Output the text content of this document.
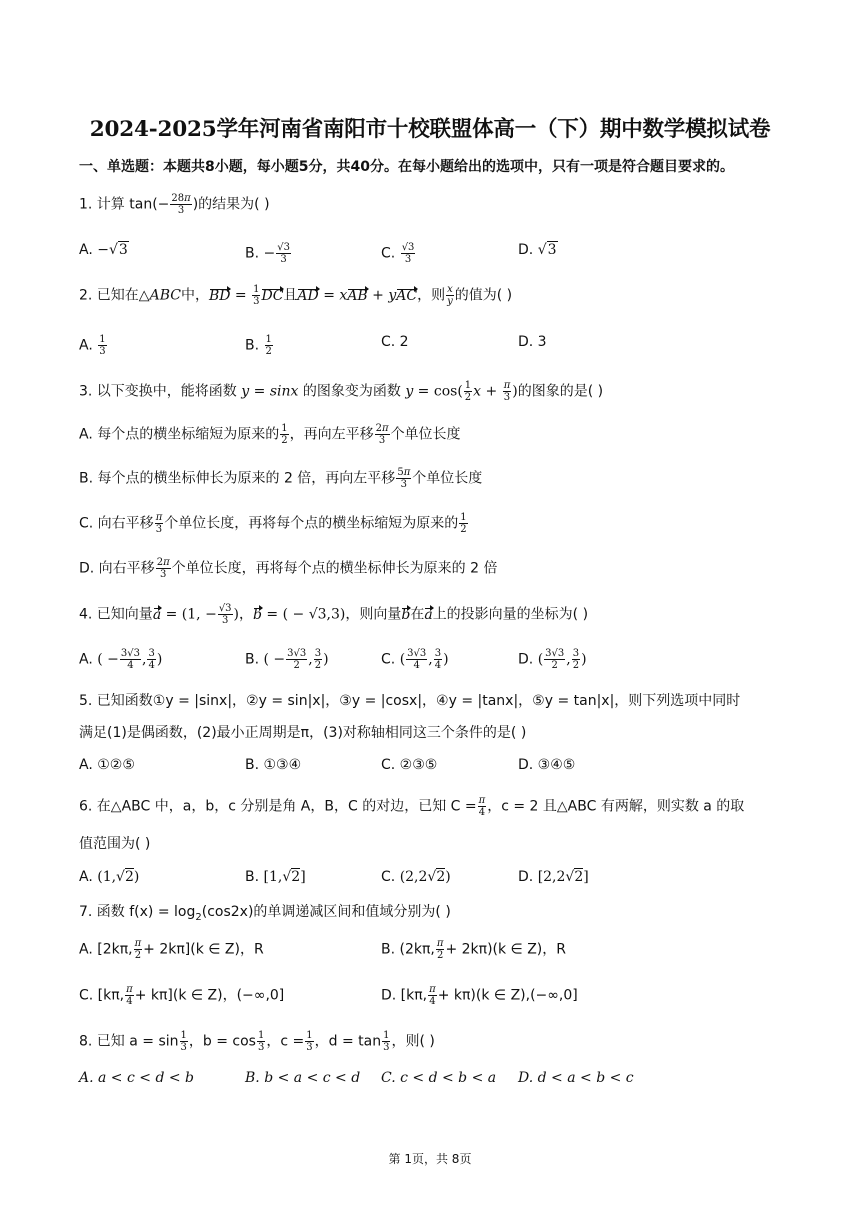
2024-2025学年河南省南阳市十校联盟体高一（下）期中数学模拟试卷
一、单选题：本题共8小题，每小题5分，共40分。在每小题给出的选项中，只有一项是符合题目要求的。
1. 计算 $\tan(- \frac{28\pi}{3}$ )的结果为( )
A. −√3	B. − $\frac{√3}{3}$	C. $\frac{√3}{3}$	D. √3
2. 已知在△ABC中，BD = $\frac{1}{3}$ DC且AD = xAB + yAC，则 $\frac{x}{y}$ 的值为( )
A. $\frac{1}{3}$	B. $\frac{1}{2}$	C. 2	D. 3
3. 以下变换中，能将函数 y = sinx 的图象变为函数 $y = \cos( \frac{1}{2}$ $x + \frac{\pi}{3}$ )的图象的是( )
A. 每个点的横坐标缩短为原来的 $\frac{1}{2}$ ，再向左平移 $\frac{2\pi}{3}$ 个单位长度
B. 每个点的横坐标伸长为原来的 2 倍，再向左平移 $\frac{5\pi}{3}$ 个单位长度
C. 向右平移 $\frac{\pi}{3}$ 个单位长度，再将每个点的横坐标缩短为原来的 $\frac{1}{2}$
D. 向右平移 $\frac{2\pi}{3}$ 个单位长度，再将每个点的横坐标伸长为原来的 2 倍
4. 已知向量a = (1, − $\frac{√3}{3}$ )，b = ( − √3,3)，则向量b在a上的投影向量的坐标为( )
A. ( − $\frac{3√3}{4}$ , $\frac{3}{4}$ )	B. ( − $\frac{3√3}{2}$ , $\frac{3}{2}$ )	C. ( $\frac{3√3}{4}$ , $\frac{3}{4}$ )	D. ( $\frac{3√3}{2}$ , $\frac{3}{2}$ )
5. 已知函数①y = |sinx|，②y = sin|x|，③y = |cosx|，④y = |tanx|，⑤y = tan|x|，则下列选项中同时
满足(1)是偶函数，(2)最小正周期是π，(3)对称轴相同这三个条件的是( )
A. ①②⑤	B. ①③④	C. ②③⑤	D. ③④⑤
6. 在△ABC 中，a，b，c 分别是角 A，B，C 的对边，已知 $C = \frac{\pi}{4}$ ，c = 2 且△ABC 有两解，则实数 a 的取
值范围为( )
A. (1,√2)	B. [1,√2]	C. (2,2√2)	D. [2,2√2]
7. 函数 $f(x) = \log_2(\cos 2x)$的单调递减区间和值域分别为( )
A. [2kπ, $\frac{\pi}{2} + 2k\pi](k$ ∈ Z)，R	B. (2kπ, $\frac{\pi}{2} + 2k\pi)(k$ ∈ Z)，R
C. [kπ, $\frac{\pi}{4} + k\pi](k$ ∈ Z)，(−∞,0]	D. [kπ, $\frac{\pi}{4} + k\pi)(k$ ∈ Z),(−∞,0]
8. 已知 $a = \sin \frac{1}{3}$ ，$b = \cos \frac{1}{3}$ ，$c = \frac{1}{3}$ ，$d = \tan \frac{1}{3}$ ，则( )
A. a < c < d < b	B. b < a < c < d C. c < d < b < a D. d < a < b < c
第 1页，共 8页
